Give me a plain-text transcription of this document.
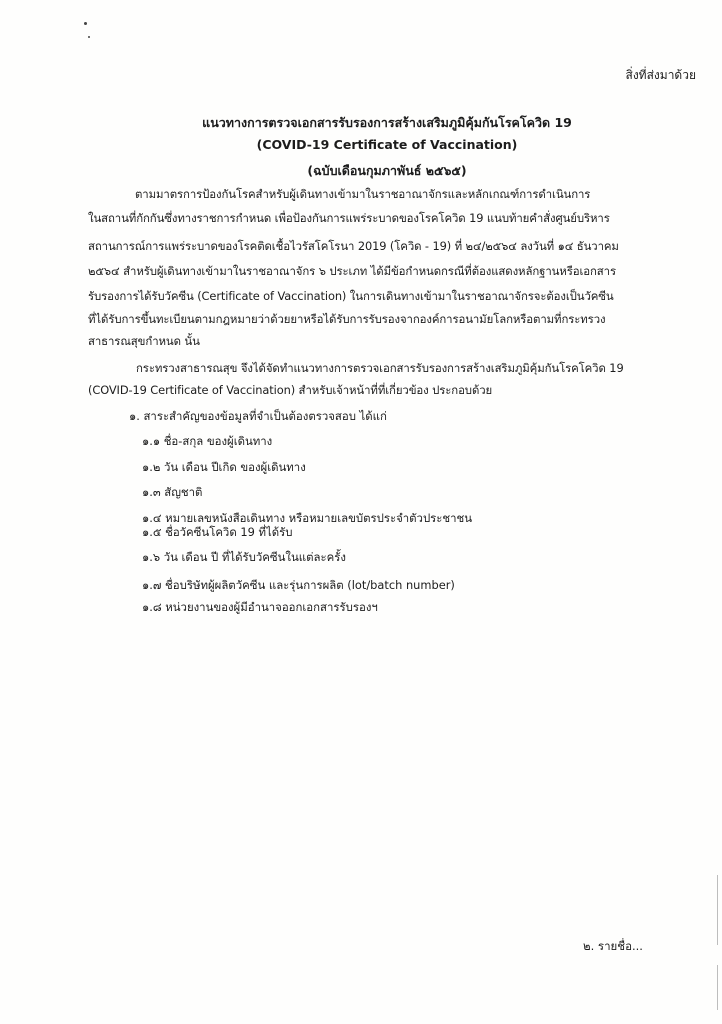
สิ่งที่ส่งมาด้วย
แนวทางการตรวจเอกสารรับรองการสร้างเสริมภูมิคุ้มกันโรคโควิด 19
(COVID-19 Certificate of Vaccination)
(ฉบับเดือนกุมภาพันธ์ ๒๕๖๕)
ตามมาตรการป้องกันโรคสำหรับผู้เดินทางเข้ามาในราชอาณาจักรและหลักเกณฑ์การดำเนินการ
ในสถานที่กักกันซึ่งทางราชการกำหนด เพื่อป้องกันการแพร่ระบาดของโรคโควิด 19 แนบท้ายคำสั่งศูนย์บริหาร
สถานการณ์การแพร่ระบาดของโรคติดเชื้อไวรัสโคโรนา 2019 (โควิด - 19) ที่ ๒๔/๒๕๖๔ ลงวันที่ ๑๔ ธันวาคม
๒๕๖๔ สำหรับผู้เดินทางเข้ามาในราชอาณาจักร ๖ ประเภท ได้มีข้อกำหนดกรณีที่ต้องแสดงหลักฐานหรือเอกสาร
รับรองการได้รับวัคซีน (Certificate of Vaccination) ในการเดินทางเข้ามาในราชอาณาจักรจะต้องเป็นวัคซีน
ที่ได้รับการขึ้นทะเบียนตามกฎหมายว่าด้วยยาหรือได้รับการรับรองจากองค์การอนามัยโลกหรือตามที่กระทรวง
สาธารณสุขกำหนด นั้น
กระทรวงสาธารณสุข จึงได้จัดทำแนวทางการตรวจเอกสารรับรองการสร้างเสริมภูมิคุ้มกันโรคโควิด 19
(COVID-19 Certificate of Vaccination) สำหรับเจ้าหน้าที่ที่เกี่ยวข้อง ประกอบด้วย
๑. สาระสำคัญของข้อมูลที่จำเป็นต้องตรวจสอบ ได้แก่
๑.๑ ชื่อ-สกุล ของผู้เดินทาง
๑.๒ วัน เดือน ปีเกิด ของผู้เดินทาง
๑.๓ สัญชาติ
๑.๔ หมายเลขหนังสือเดินทาง หรือหมายเลขบัตรประจำตัวประชาชน
๑.๕ ชื่อวัคซีนโควิด 19 ที่ได้รับ
๑.๖ วัน เดือน ปี ที่ได้รับวัคซีนในแต่ละครั้ง
๑.๗ ชื่อบริษัทผู้ผลิตวัคซีน และรุ่นการผลิต (lot/batch number)
๑.๘ หน่วยงานของผู้มีอำนาจออกเอกสารรับรองฯ
๒. รายชื่อ...
